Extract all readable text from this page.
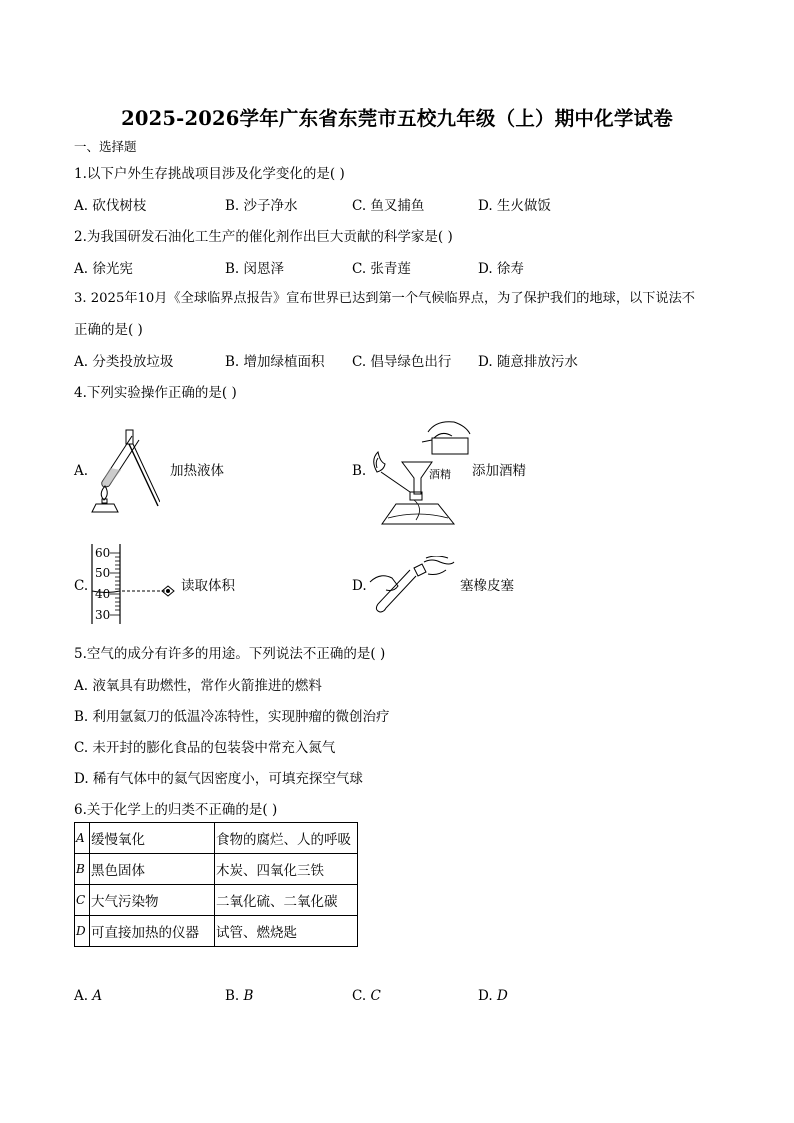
2025-2026学年广东省东莞市五校九年级（上）期中化学试卷
一、选择题
1.以下户外生存挑战项目涉及化学变化的是( )
A. 砍伐树枝	B. 沙子净水	C. 鱼叉捕鱼	D. 生火做饭
2.为我国研发石油化工生产的催化剂作出巨大贡献的科学家是( )
A. 徐光宪	B. 闵恩泽	C. 张青莲	D. 徐寿
3. 2025年10月《全球临界点报告》宣布世界已达到第一个气候临界点，为了保护我们的地球，以下说法不
正确的是( )
A. 分类投放垃圾	B. 增加绿植面积 C. 倡导绿色出行 D. 随意排放污水
4.下列实验操作正确的是( )
A.	加热液体	B.	酒精 添加酒精
C.
60
50
40
30
读取体积	D.	塞橡皮塞
5.空气的成分有许多的用途。下列说法不正确的是( )
A. 液氧具有助燃性，常作火箭推进的燃料
B. 利用氩氦刀的低温冷冻特性，实现肿瘤的微创治疗
C. 未开封的膨化食品的包装袋中常充入氮气
D. 稀有气体中的氦气因密度小，可填充探空气球
6.关于化学上的归类不正确的是( )
A	缓慢氧化	食物的腐烂、人的呼吸
B	黑色固体	木炭、四氧化三铁
C	大气污染物	二氧化硫、二氧化碳
D	可直接加热的仪器	试管、燃烧匙
A. A	B. B	C. C	D. D
